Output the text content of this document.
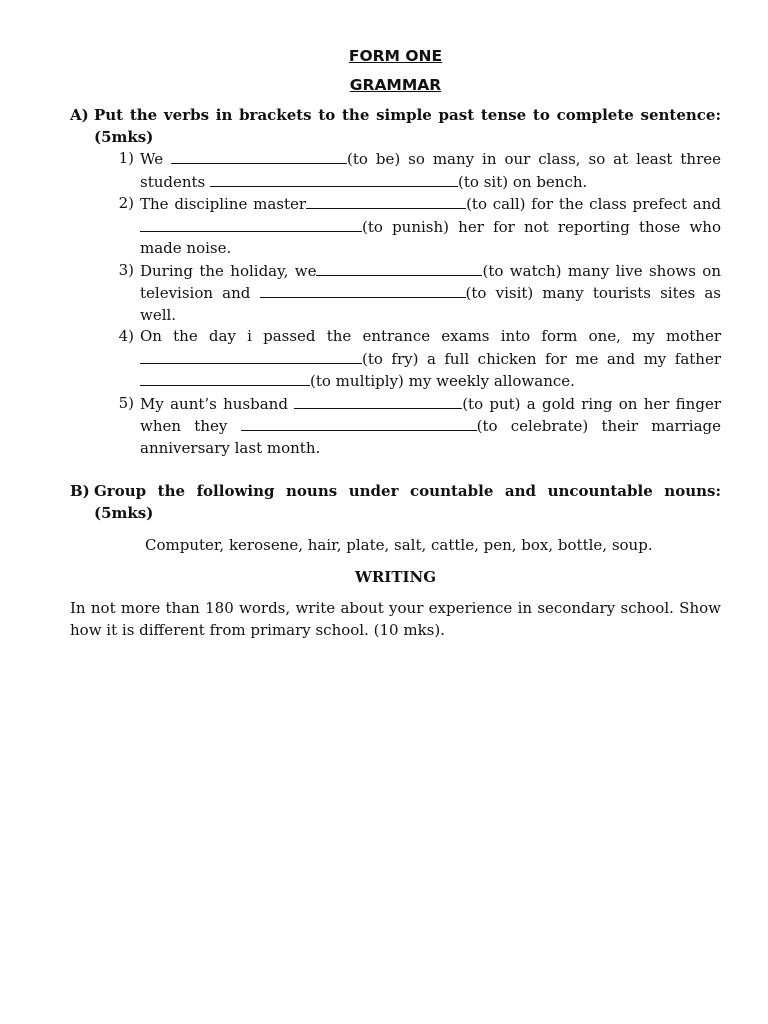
FORM ONE
GRAMMAR
A) Put the verbs in brackets to the simple past tense to complete sentence: (5mks)
1) We	(to be) so many in our class, so at least three students	(to sit) on bench.
2) The discipline master	(to call) for the class prefect and(to punish) her for not reporting those who made noise.
3) During the holiday, we	(to watch) many live shows on television and	(to visit) many tourists sites as well.
4) On the day i passed the entrance exams into form one, my mother (to fry) a full chicken for me and my father(to multiply) my weekly allowance.
5) My aunt’s husband	(to put) a gold ring on her finger when they	(to celebrate) their marriage anniversary last month.
B) Group the following nouns under countable and uncountable nouns: (5mks)
Computer, kerosene, hair, plate, salt, cattle, pen, box, bottle, soup.
WRITING
In not more than 180 words, write about your experience in secondary school. Show how it is different from primary school. (10 mks).
